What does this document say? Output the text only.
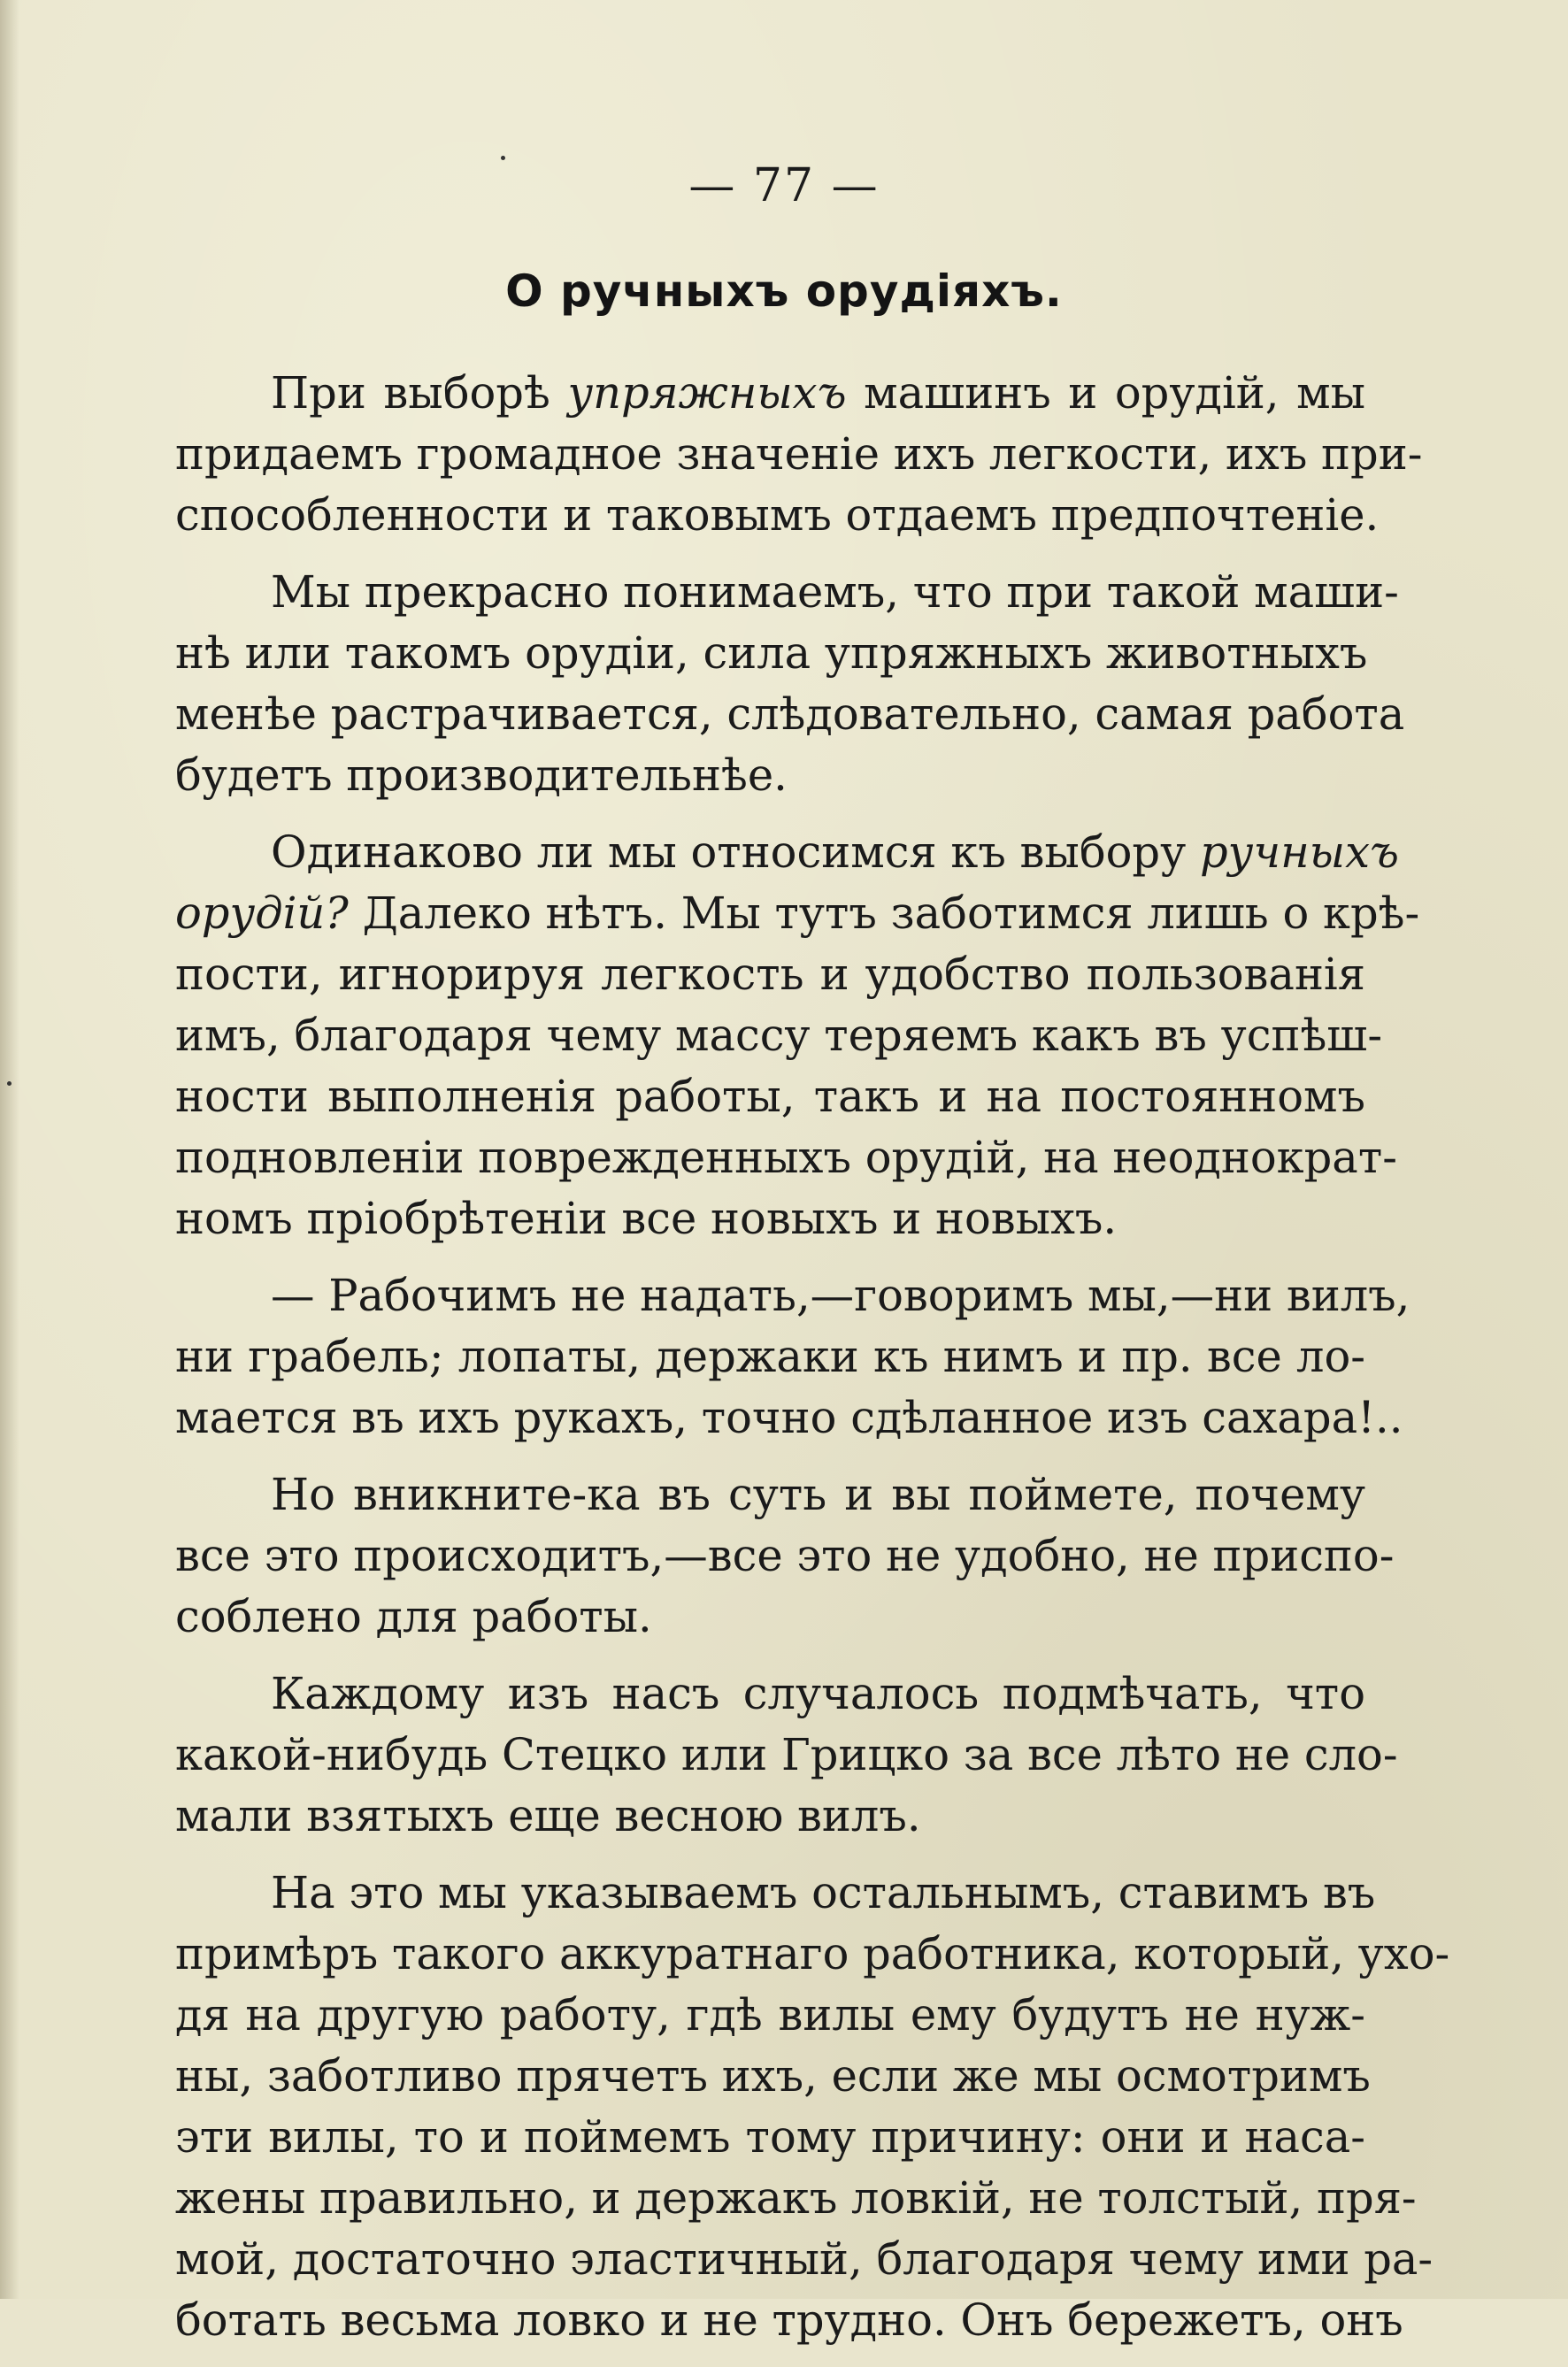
— 77 —
О ручныхъ орудіяхъ.
При выборѣ упряжныхъ машинъ и орудій, мы
придаемъ громадное значеніе ихъ легкости, ихъ при-
способленности и таковымъ отдаемъ предпочтеніе.
Мы прекрасно понимаемъ, что при такой маши-
нѣ или такомъ орудіи, сила упряжныхъ животныхъ
менѣе растрачивается, слѣдовательно, самая работа
будетъ производительнѣе.
Одинаково ли мы относимся къ выбору ручныхъ
орудій? Далеко нѣтъ. Мы тутъ заботимся лишь о крѣ-
пости, игнорируя легкость и удобство пользованія
имъ, благодаря чему массу теряемъ какъ въ успѣш-
ности выполненія работы, такъ и на постоянномъ
подновленіи поврежденныхъ орудій, на неоднократ-
номъ пріобрѣтеніи все новыхъ и новыхъ.
— Рабочимъ не надать,—говоримъ мы,—ни вилъ,
ни грабель; лопаты, держаки къ нимъ и пр. все ло-
мается въ ихъ рукахъ, точно сдѣланное изъ сахара!..
Но вникните-ка въ суть и вы поймете, почему
все это происходитъ,—все это не удобно, не приспо-
соблено для работы.
Каждому изъ насъ случалось подмѣчать, что
какой-нибудь Стецко или Грицко за все лѣто не сло-
мали взятыхъ еще весною вилъ.
На это мы указываемъ остальнымъ, ставимъ въ
примѣръ такого аккуратнаго работника, который, ухо-
дя на другую работу, гдѣ вилы ему будутъ не нуж-
ны, заботливо прячетъ ихъ, если же мы осмотримъ
эти вилы, то и поймемъ тому причину: они и наса-
жены правильно, и держакъ ловкій, не толстый, пря-
мой, достаточно эластичный, благодаря чему ими ра-
ботать весьма ловко и не трудно. Онъ бережетъ, онъ
